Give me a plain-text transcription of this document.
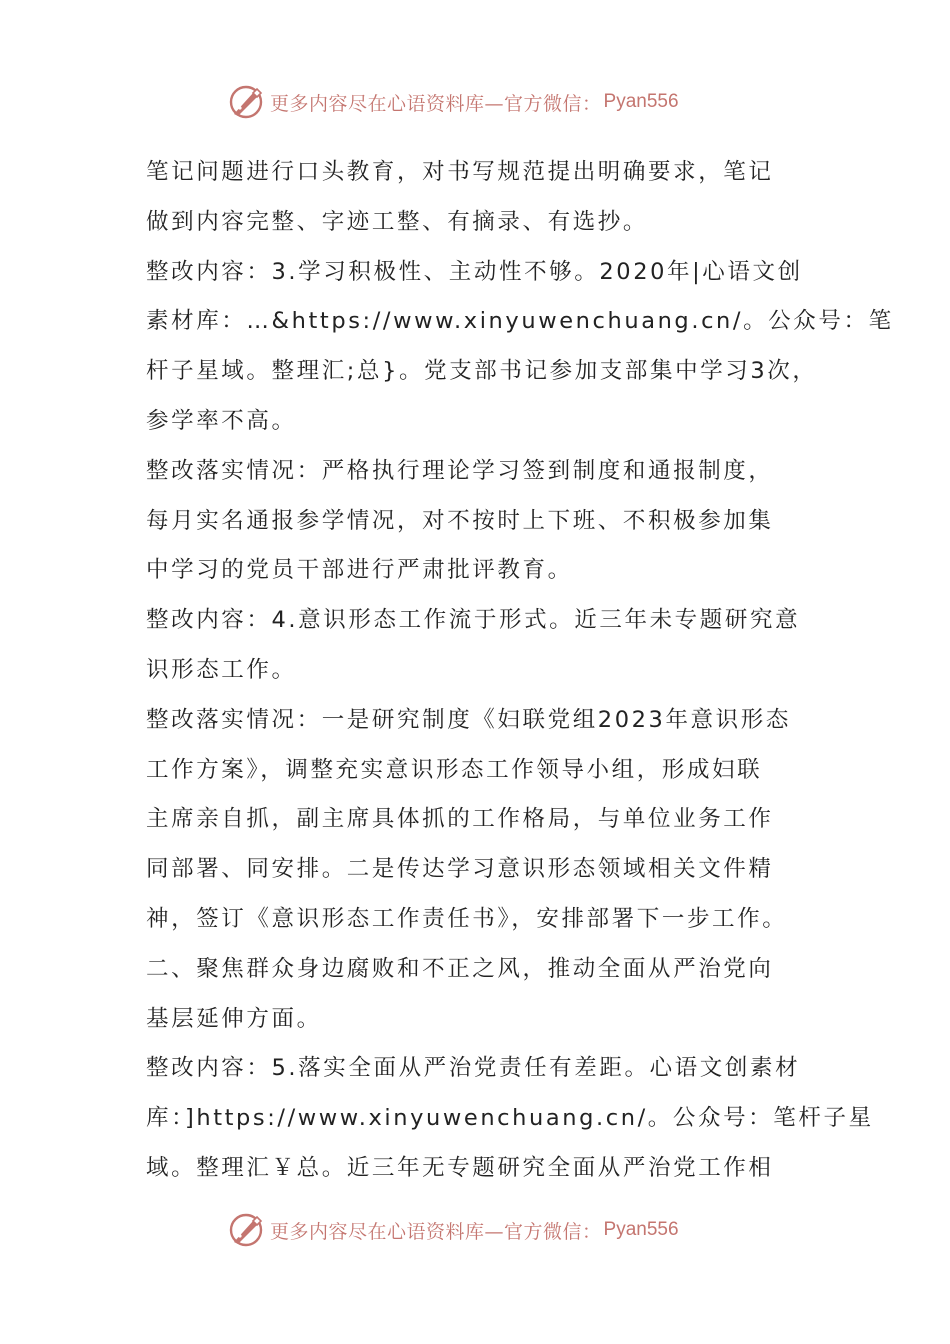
更多内容尽在心语资料库—官方微信： Pyan556
笔记问题进行口头教育，对书写规范提出明确要求，笔记
做到内容完整、字迹工整、有摘录、有选抄。
整改内容：3.学习积极性、主动性不够。2020年|心语文创
素材库：…&https://www.xinyuwenchuang.cn/。公众号：笔
杆子星域。整理汇;总}。党支部书记参加支部集中学习3次，
参学率不高。
整改落实情况：严格执行理论学习签到制度和通报制度，
每月实名通报参学情况，对不按时上下班、不积极参加集
中学习的党员干部进行严肃批评教育。
整改内容：4.意识形态工作流于形式。近三年未专题研究意
识形态工作。
整改落实情况：一是研究制度《妇联党组2023年意识形态
工作方案》，调整充实意识形态工作领导小组，形成妇联
主席亲自抓，副主席具体抓的工作格局，与单位业务工作
同部署、同安排。二是传达学习意识形态领域相关文件精
神，签订《意识形态工作责任书》，安排部署下一步工作。
二、聚焦群众身边腐败和不正之风，推动全面从严治党向
基层延伸方面。
整改内容：5.落实全面从严治党责任有差距。心语文创素材
库：]https://www.xinyuwenchuang.cn/。公众号：笔杆子星
域。整理汇￥总。近三年无专题研究全面从严治党工作相
更多内容尽在心语资料库—官方微信： Pyan556
